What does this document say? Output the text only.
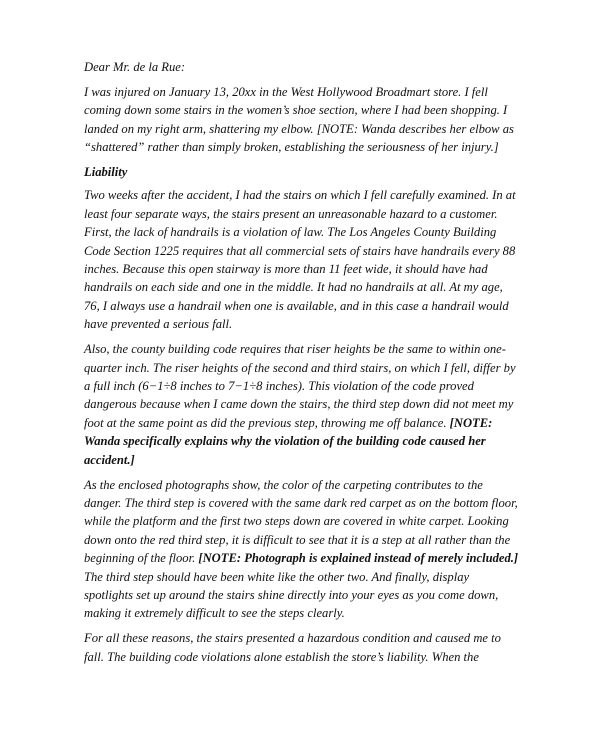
Dear Mr. de la Rue:

I was injured on January 13, 20xx in the West Hollywood Broadmart store. I fell coming down some stairs in the women’s shoe section, where I had been shopping. I landed on my right arm, shattering my elbow. [NOTE: Wanda describes her elbow as “shattered” rather than simply broken, establishing the seriousness of her injury.]

Liability

Two weeks after the accident, I had the stairs on which I fell carefully examined. In at least four separate ways, the stairs present an unreasonable hazard to a customer. First, the lack of handrails is a violation of law. The Los Angeles County Building Code Section 1225 requires that all commercial sets of stairs have handrails every 88 inches. Because this open stairway is more than 11 feet wide, it should have had handrails on each side and one in the middle. It had no handrails at all. At my age, 76, I always use a handrail when one is available, and in this case a handrail would have prevented a serious fall.

Also, the county building code requires that riser heights be the same to within one-quarter inch. The riser heights of the second and third stairs, on which I fell, differ by a full inch (6−1÷8 inches to 7−1÷8 inches). This violation of the code proved dangerous because when I came down the stairs, the third step down did not meet my foot at the same point as did the previous step, throwing me off balance. [NOTE: Wanda specifically explains why the violation of the building code caused her accident.]

As the enclosed photographs show, the color of the carpeting contributes to the danger. The third step is covered with the same dark red carpet as on the bottom floor, while the platform and the first two steps down are covered in white carpet. Looking down onto the red third step, it is difficult to see that it is a step at all rather than the beginning of the floor. [NOTE: Photograph is explained instead of merely included.] The third step should have been white like the other two. And finally, display spotlights set up around the stairs shine directly into your eyes as you come down, making it extremely difficult to see the steps clearly.

For all these reasons, the stairs presented a hazardous condition and caused me to fall. The building code violations alone establish the store’s liability. When the
